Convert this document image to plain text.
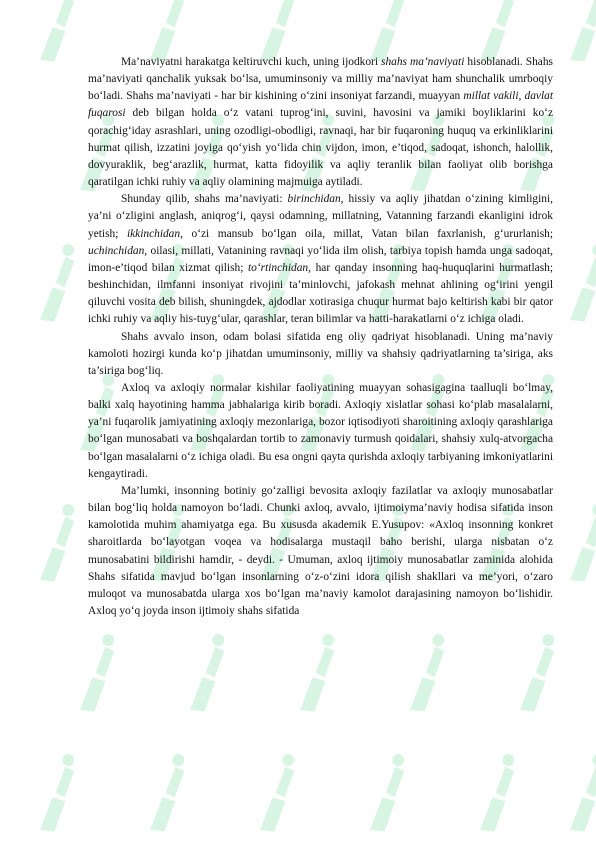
Ma’naviyatni harakatga keltiruvchi kuch, uning ijodkori shahs ma’naviyati hisoblanadi. Shahs ma’naviyati qanchalik yuksak bo‘lsa, umuminsoniy va milliy ma’naviyat ham shunchalik umrboqiy bo‘ladi. Shahs ma’naviyati - har bir kishining o‘zini insoniyat farzandi, muayyan millat vakili, davlat fuqarosi deb bilgan holda o‘z vatani tuprog‘ini, suvini, havosini va jamiki boyliklarini ko‘z qorachig‘iday asrashlari, uning ozodligi-obodligi, ravnaqi, har bir fuqaroning huquq va erkinliklarini hurmat qilish, izzatini joyiga qo‘yish yo‘lida chin vijdon, imon, e’tiqod, sadoqat, ishonch, halollik, dovyuraklik, beg‘arazlik, hurmat, katta fidoyilik va aqliy teranlik bilan faoliyat olib borishga qaratilgan ichki ruhiy va aqliy olamining majmuiga aytiladi.

Shunday qilib, shahs ma’naviyati: birinchidan, hissiy va aqliy jihatdan o‘zining kimligini, ya’ni o‘zligini anglash, aniqrog‘i, qaysi odamning, millatning, Vatanning farzandi ekanligini idrok yetish; ikkinchidan, o‘zi mansub bo‘lgan oila, millat, Vatan bilan faxrlanish, g‘ururlanish; uchinchidan, oilasi, millati, Vatanining ravnaqi yo‘lida ilm olish, tarbiya topish hamda unga sadoqat, imon-e’tiqod bilan xizmat qilish; to‘rtinchidan, har qanday insonning haq-huquqlarini hurmatlash; beshinchidan, ilmfanni insoniyat rivojini ta’minlovchi, jafokash mehnat ahlining og‘irini yengil qiluvchi vosita deb bilish, shuningdek, ajdodlar xotirasiga chuqur hurmat bajo keltirish kabi bir qator ichki ruhiy va aqliy his-tuyg‘ular, qarashlar, teran bilimlar va hatti-harakatlarni o‘z ichiga oladi.

Shahs avvalo inson, odam bolasi sifatida eng oliy qadriyat hisoblanadi. Uning ma’naviy kamoloti hozirgi kunda ko‘p jihatdan umuminsoniy, milliy va shahsiy qadriyatlarning ta’siriga, aks ta’siriga bog‘liq.

Axloq va axloqiy normalar kishilar faoliyatining muayyan sohasigagina taalluqli bo‘lmay, balki xalq hayotining hamma jabhalariga kirib boradi. Axloqiy xislatlar sohasi ko‘plab masalalarni, ya’ni fuqarolik jamiyatining axloqiy mezonlariga, bozor iqtisodiyoti sharoitining axloqiy qarashlariga bo‘lgan munosabati va boshqalardan tortib to zamonaviy turmush qoidalari, shahsiy xulq-atvorgacha bo‘lgan masalalarni o‘z ichiga oladi. Bu esa ongni qayta qurishda axloqiy tarbiyaning imkoniyatlarini kengaytiradi.

Ma’lumki, insonning botiniy go‘zalligi bevosita axloqiy fazilatlar va axloqiy munosabatlar bilan bog‘liq holda namoyon bo‘ladi. Chunki axloq, avvalo, ijtimoiyma’naviy hodisa sifatida inson kamolotida muhim ahamiyatga ega. Bu xususda akademik E.Yusupov: «Axloq insonning konkret sharoitlarda bo‘layotgan voqea va hodisalarga mustaqil baho berishi, ularga nisbatan o‘z munosabatini bildirishi hamdir, - deydi. - Umuman, axloq ijtimoiy munosabatlar zaminida alohida Shahs sifatida mavjud bo‘lgan insonlarning o‘z-o‘zini idora qilish shakllari va me’yori, o‘zaro muloqot va munosabatda ularga xos bo‘lgan ma’naviy kamolot darajasining namoyon bo‘lishidir. Axloq yo‘q joyda inson ijtimoiy shahs sifatida
